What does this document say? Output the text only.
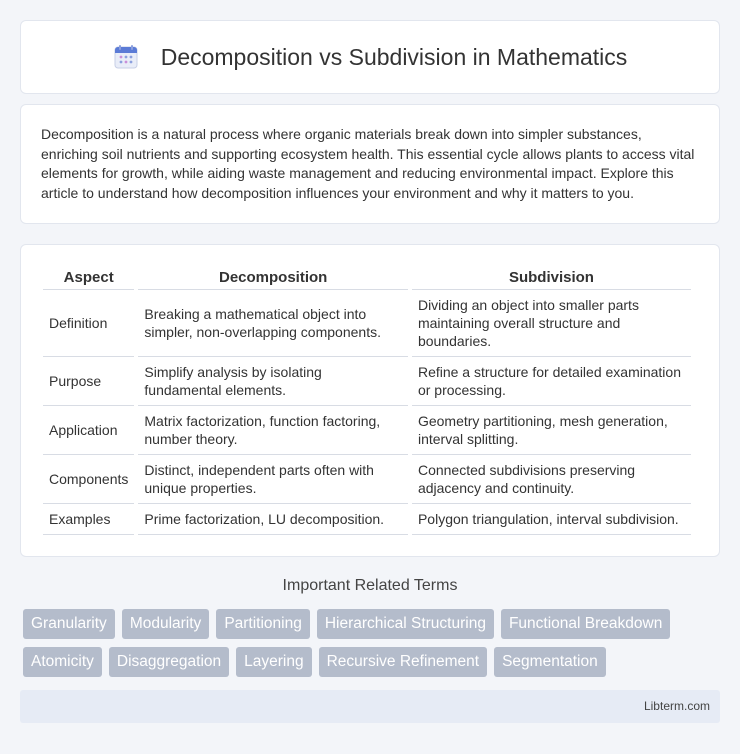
Decomposition vs Subdivision in Mathematics

Decomposition is a natural process where organic materials break down into simpler substances, enriching soil nutrients and supporting ecosystem health. This essential cycle allows plants to access vital elements for growth, while aiding waste management and reducing environmental impact. Explore this article to understand how decomposition influences your environment and why it matters to you.

Aspect	Decomposition	Subdivision
Definition	Breaking a mathematical object into simpler, non-overlapping components.	Dividing an object into smaller parts maintaining overall structure and boundaries.
Purpose	Simplify analysis by isolating fundamental elements.	Refine a structure for detailed examination or processing.
Application	Matrix factorization, function factoring, number theory.	Geometry partitioning, mesh generation, interval splitting.
Components	Distinct, independent parts often with unique properties.	Connected subdivisions preserving adjacency and continuity.
Examples	Prime factorization, LU decomposition.	Polygon triangulation, interval subdivision.
Important Related Terms
Granularity	Modularity	Partitioning	Hierarchical Structuring	Functional Breakdown
Atomicity	Disaggregation	Layering	Recursive Refinement	Segmentation
Libterm.com
